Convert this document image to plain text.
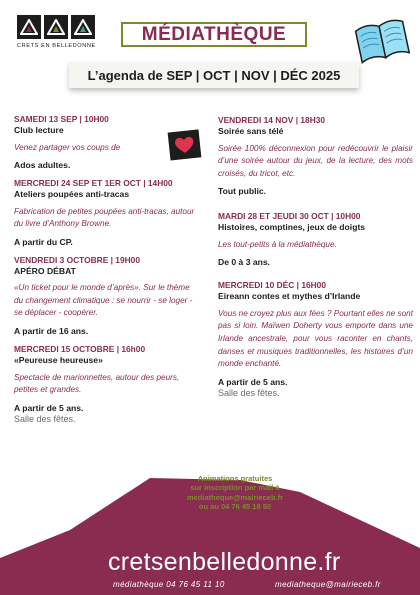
CRETS EN BELLEDONNE
MÉDIATHÈQUE
L’agenda de SEP | OCT | NOV | DÉC 2025
SAMEDI 13 SEP | 10H00
Club lecture
Venez partager vos coups de
Ados adultes.
MERCREDI 24 SEP ET 1ER OCT | 14H00
Ateliers poupées anti-tracas
Fabrication de petites poupées anti-tracas, autour du livre d’Anthony Browne.
A partir du CP.
VENDREDI 3 OCTOBRE | 19H00
APÉRO DÉBAT
«Un ticket pour le monde d’après». Sur le thème du changement climatique : se nourrir - se loger - se déplacer - coopérer.
A partir de 16 ans.
MERCREDI 15 OCTOBRE | 16h00
«Peureuse heureuse»
Spectacle de marionnettes, autour des peurs, petites et grandes.
A partir de 5 ans.
Salle des fêtes.
VENDREDI 14 NOV | 18H30
Soirée sans télé
Soirée 100% déconnexion pour redécouvrir le plaisir d’une soirée autour du jeux, de la lecture, des mots croisés, du tricot, etc.
Tout public.
MARDI 28 ET JEUDI 30 OCT | 10H00
Histoires, comptines, jeux de doigts
Les tout-petits à la médiathèque.
De 0 à 3 ans.
MERCREDI 10 DÉC | 16H00
Eireann contes et mythes d’Irlande
Vous ne croyez plus aux fées ? Pourtant elles ne sont pas si loin. Maïwen Doherty vous emporte dans une Irlande ancestrale, pour vous raconter en chants, danses et musiques traditionnelles, les histoires d’un monde enchanté.
A partir de 5 ans.
Salle des fêtes.
Animations gratuites
sur inscription par mail à
mediatheque@mairieceb.fr
ou au 04 76 45 18 50
cretsenbelledonne.fr
médiathèque 04 76 45 11 10	mediatheque@mairieceb.fr
